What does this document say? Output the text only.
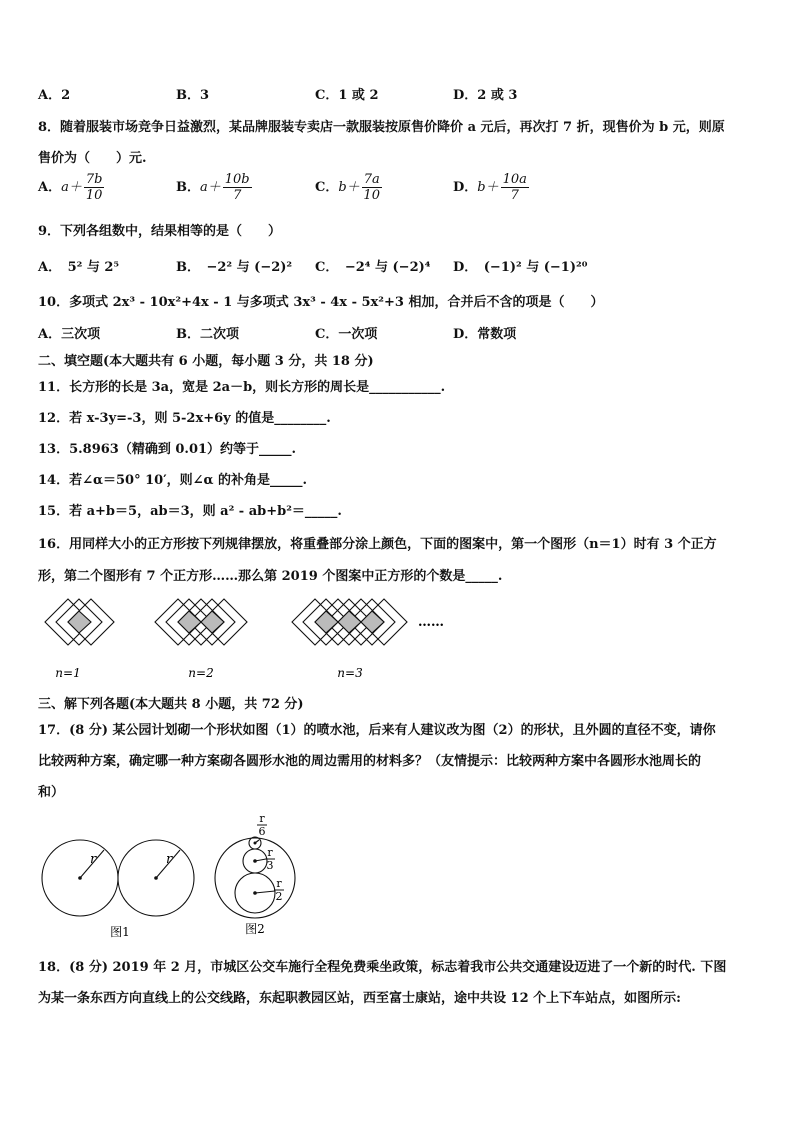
A．2	B．3	C．1 或 2	D．2 或 3
8．随着服装市场竞争日益激烈，某品牌服装专卖店一款服装按原售价降价 a 元后，再次打 7 折，现售价为 b 元，则原
售价为（　　）元.
A．$a+ \frac{7b}{10}$	B．$a+ \frac{10b}{7}$	C．$b+ \frac{7a}{10}$	D．$b+ \frac{10a}{7}$
9．下列各组数中，结果相等的是（　　）
A．　5² 与 2⁵	B．　−2² 与 (−2)² C．　−2⁴ 与 (−2)⁴ D．　(−1)² 与 (−1)²⁰
10．多项式 2x³ - 10x²+4x - 1 与多项式 3x³ - 4x - 5x²+3 相加，合并后不含的项是（　　）
A．三次项	B．二次项	C．一次项	D．常数项
二、填空题(本大题共有 6 小题，每小题 3 分，共 18 分)
11．长方形的长是 3a，宽是 2a－b，则长方形的周长是___________.
12．若 x-3y=-3，则 5-2x+6y 的值是________.
13．5.8963（精确到 0.01）约等于_____.
14．若∠α＝50° 10′，则∠α 的补角是_____.
15．若 a+b＝5，ab＝3，则 a² - ab+b²＝_____.
16．用同样大小的正方形按下列规律摆放，将重叠部分涂上颜色，下面的图案中，第一个图形（n＝1）时有 3 个正方
形，第二个图形有 7 个正方形……那么第 2019 个图案中正方形的个数是_____.
……
n=1	n=2	n=3
三、解下列各题(本大题共 8 小题，共 72 分)
17．(8 分) 某公园计划砌一个形状如图（1）的喷水池，后来有人建议改为图（2）的形状，且外圆的直径不变，请你
比较两种方案，确定哪一种方案砌各圆形水池的周边需用的材料多？（友情提示：比较两种方案中各圆形水池周长的
和）
r	r
r
6
r
3
r
2
图1	图2
18．(8 分) 2019 年 2 月，市城区公交车施行全程免费乘坐政策，标志着我市公共交通建设迈进了一个新的时代. 下图
为某一条东西方向直线上的公交线路，东起职教园区站，西至富士康站，途中共设 12 个上下车站点，如图所示:
